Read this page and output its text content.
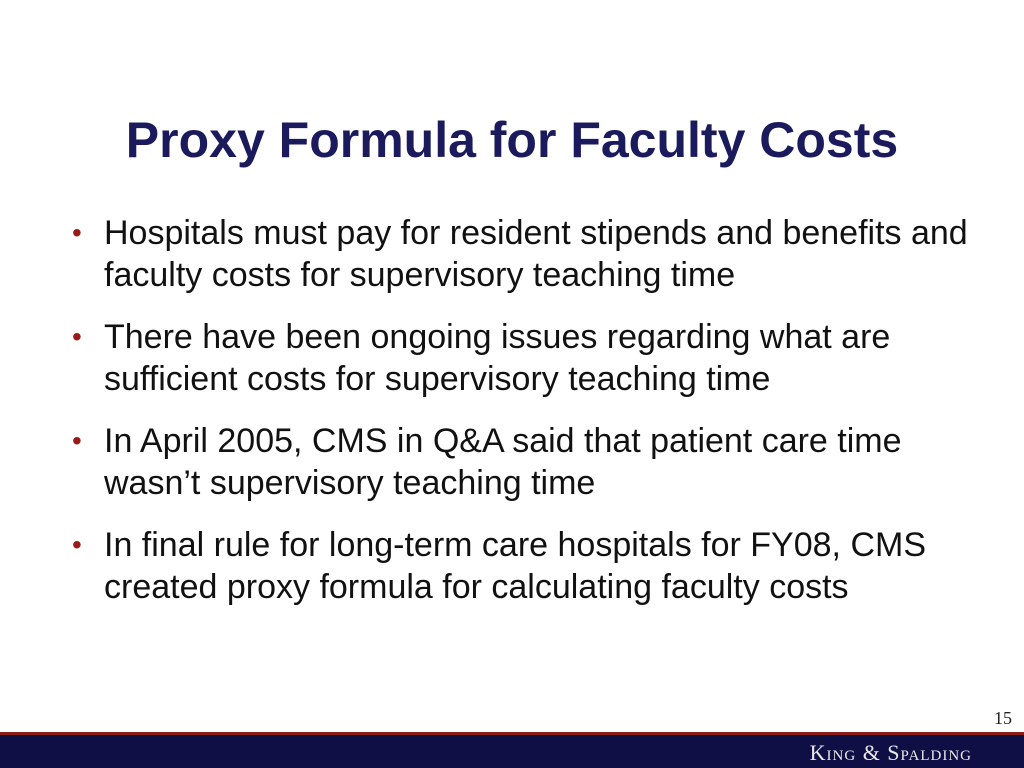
Proxy Formula for Faculty Costs
• Hospitals must pay for resident stipends and benefits and faculty costs for supervisory teaching time
• There have been ongoing issues regarding what are sufficient costs for supervisory teaching time
• In April 2005, CMS in Q&A said that patient care time wasn’t supervisory teaching time
• In final rule for long-term care hospitals for FY08, CMS created proxy formula for calculating faculty costs
15
King & Spalding
